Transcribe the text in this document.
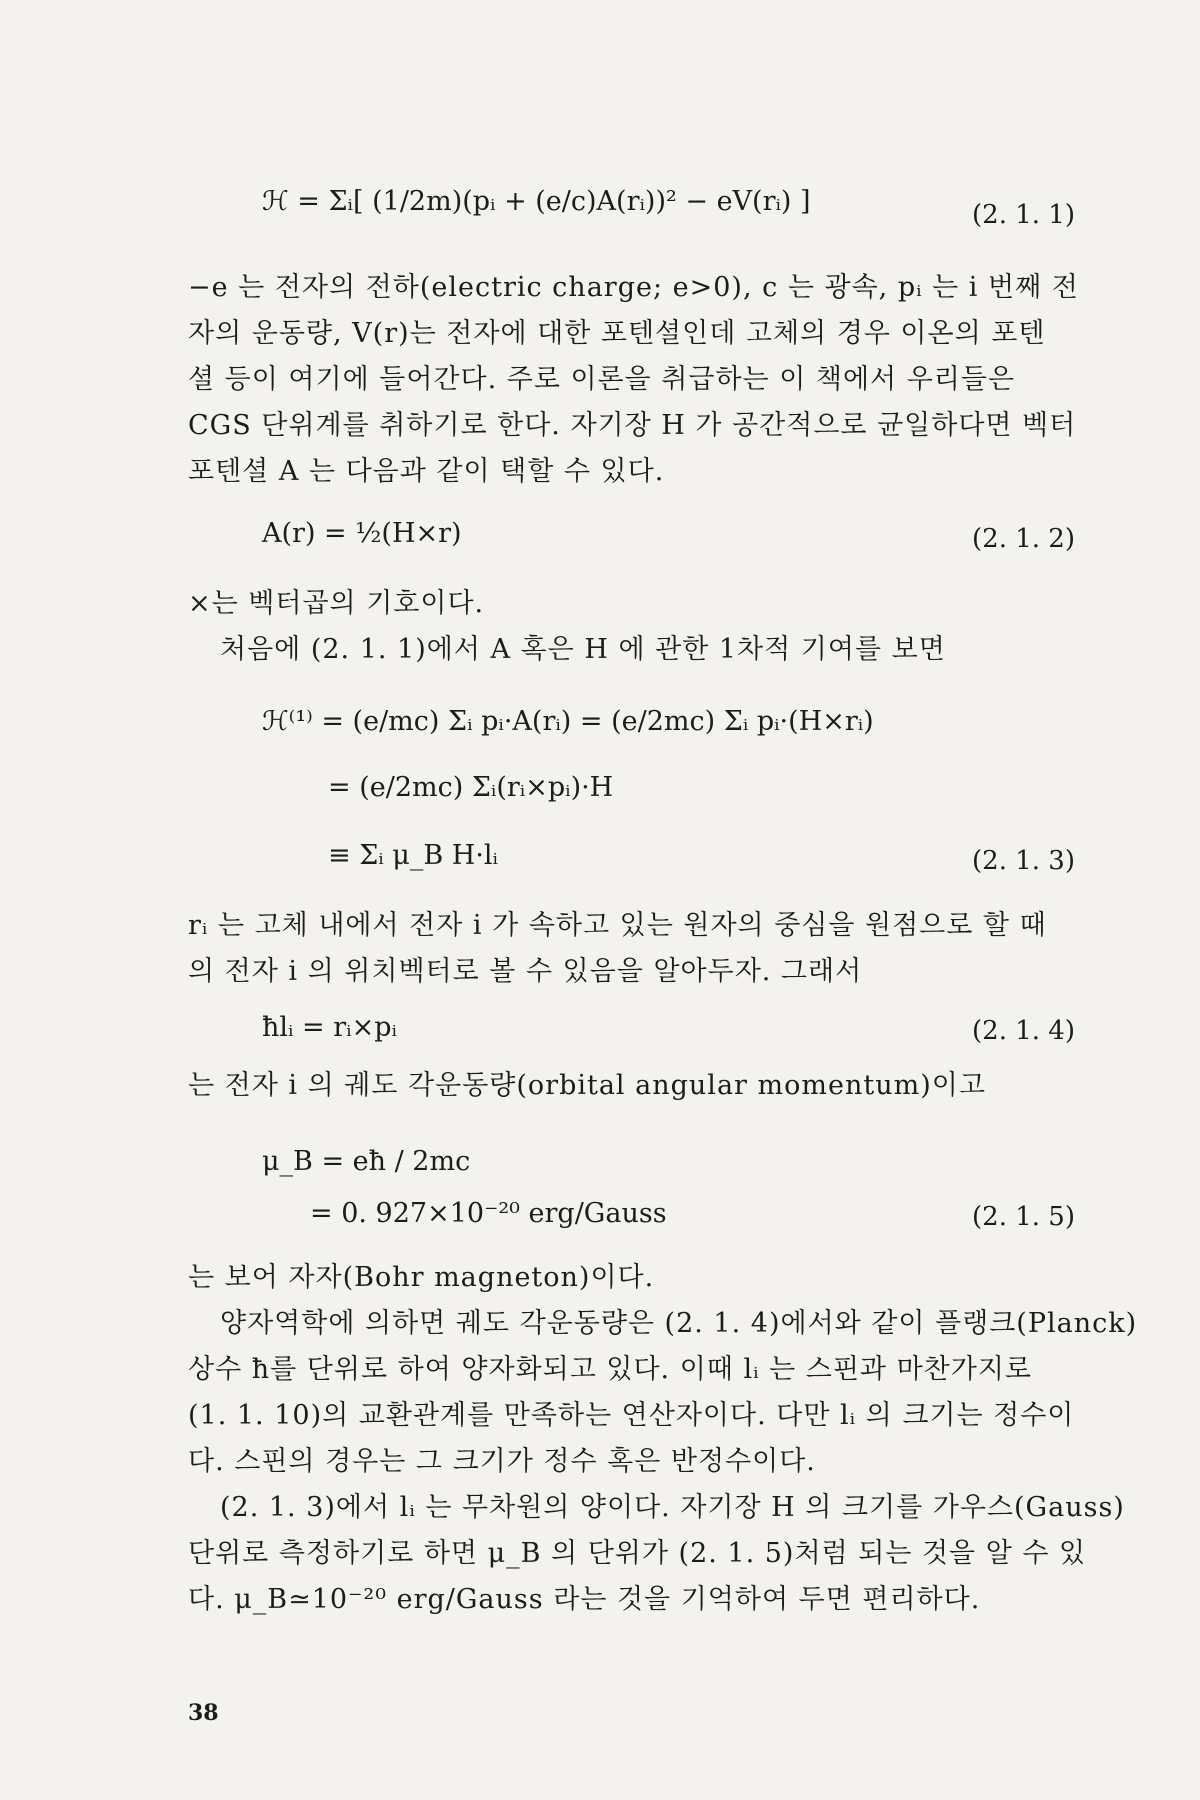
ℋ = Σᵢ[ (1/2m)(pᵢ + (e/c)A(rᵢ))² − eV(rᵢ) ]	(2. 1. 1)
−e 는 전자의 전하(electric charge; e>0), c 는 광속, pᵢ 는 i 번째 전
자의 운동량, V(r)는 전자에 대한 포텐셜인데 고체의 경우 이온의 포텐
셜 등이 여기에 들어간다. 주로 이론을 취급하는 이 책에서 우리들은
CGS 단위계를 취하기로 한다. 자기장 H 가 공간적으로 균일하다면 벡터
포텐셜 A 는 다음과 같이 택할 수 있다.
A(r) = ½(H×r)	(2. 1. 2)
×는 벡터곱의 기호이다.
처음에 (2. 1. 1)에서 A 혹은 H 에 관한 1차적 기여를 보면
ℋ⁽¹⁾ = (e/mc) Σᵢ pᵢ·A(rᵢ) = (e/2mc) Σᵢ pᵢ·(H×rᵢ)
= (e/2mc) Σᵢ(rᵢ×pᵢ)·H
≡ Σᵢ μ_B H·lᵢ	(2. 1. 3)
rᵢ 는 고체 내에서 전자 i 가 속하고 있는 원자의 중심을 원점으로 할 때
의 전자 i 의 위치벡터로 볼 수 있음을 알아두자. 그래서
ħlᵢ = rᵢ×pᵢ	(2. 1. 4)
는 전자 i 의 궤도 각운동량(orbital angular momentum)이고
μ_B = eħ / 2mc
= 0. 927×10⁻²⁰ erg/Gauss	(2. 1. 5)
는 보어 자자(Bohr magneton)이다.
양자역학에 의하면 궤도 각운동량은 (2. 1. 4)에서와 같이 플랭크(Planck)
상수 ħ를 단위로 하여 양자화되고 있다. 이때 lᵢ 는 스핀과 마찬가지로
(1. 1. 10)의 교환관계를 만족하는 연산자이다. 다만 lᵢ 의 크기는 정수이
다. 스핀의 경우는 그 크기가 정수 혹은 반정수이다.
(2. 1. 3)에서 lᵢ 는 무차원의 양이다. 자기장 H 의 크기를 가우스(Gauss)
단위로 측정하기로 하면 μ_B 의 단위가 (2. 1. 5)처럼 되는 것을 알 수 있
다. μ_B≃10⁻²⁰ erg/Gauss 라는 것을 기억하여 두면 편리하다.
38
